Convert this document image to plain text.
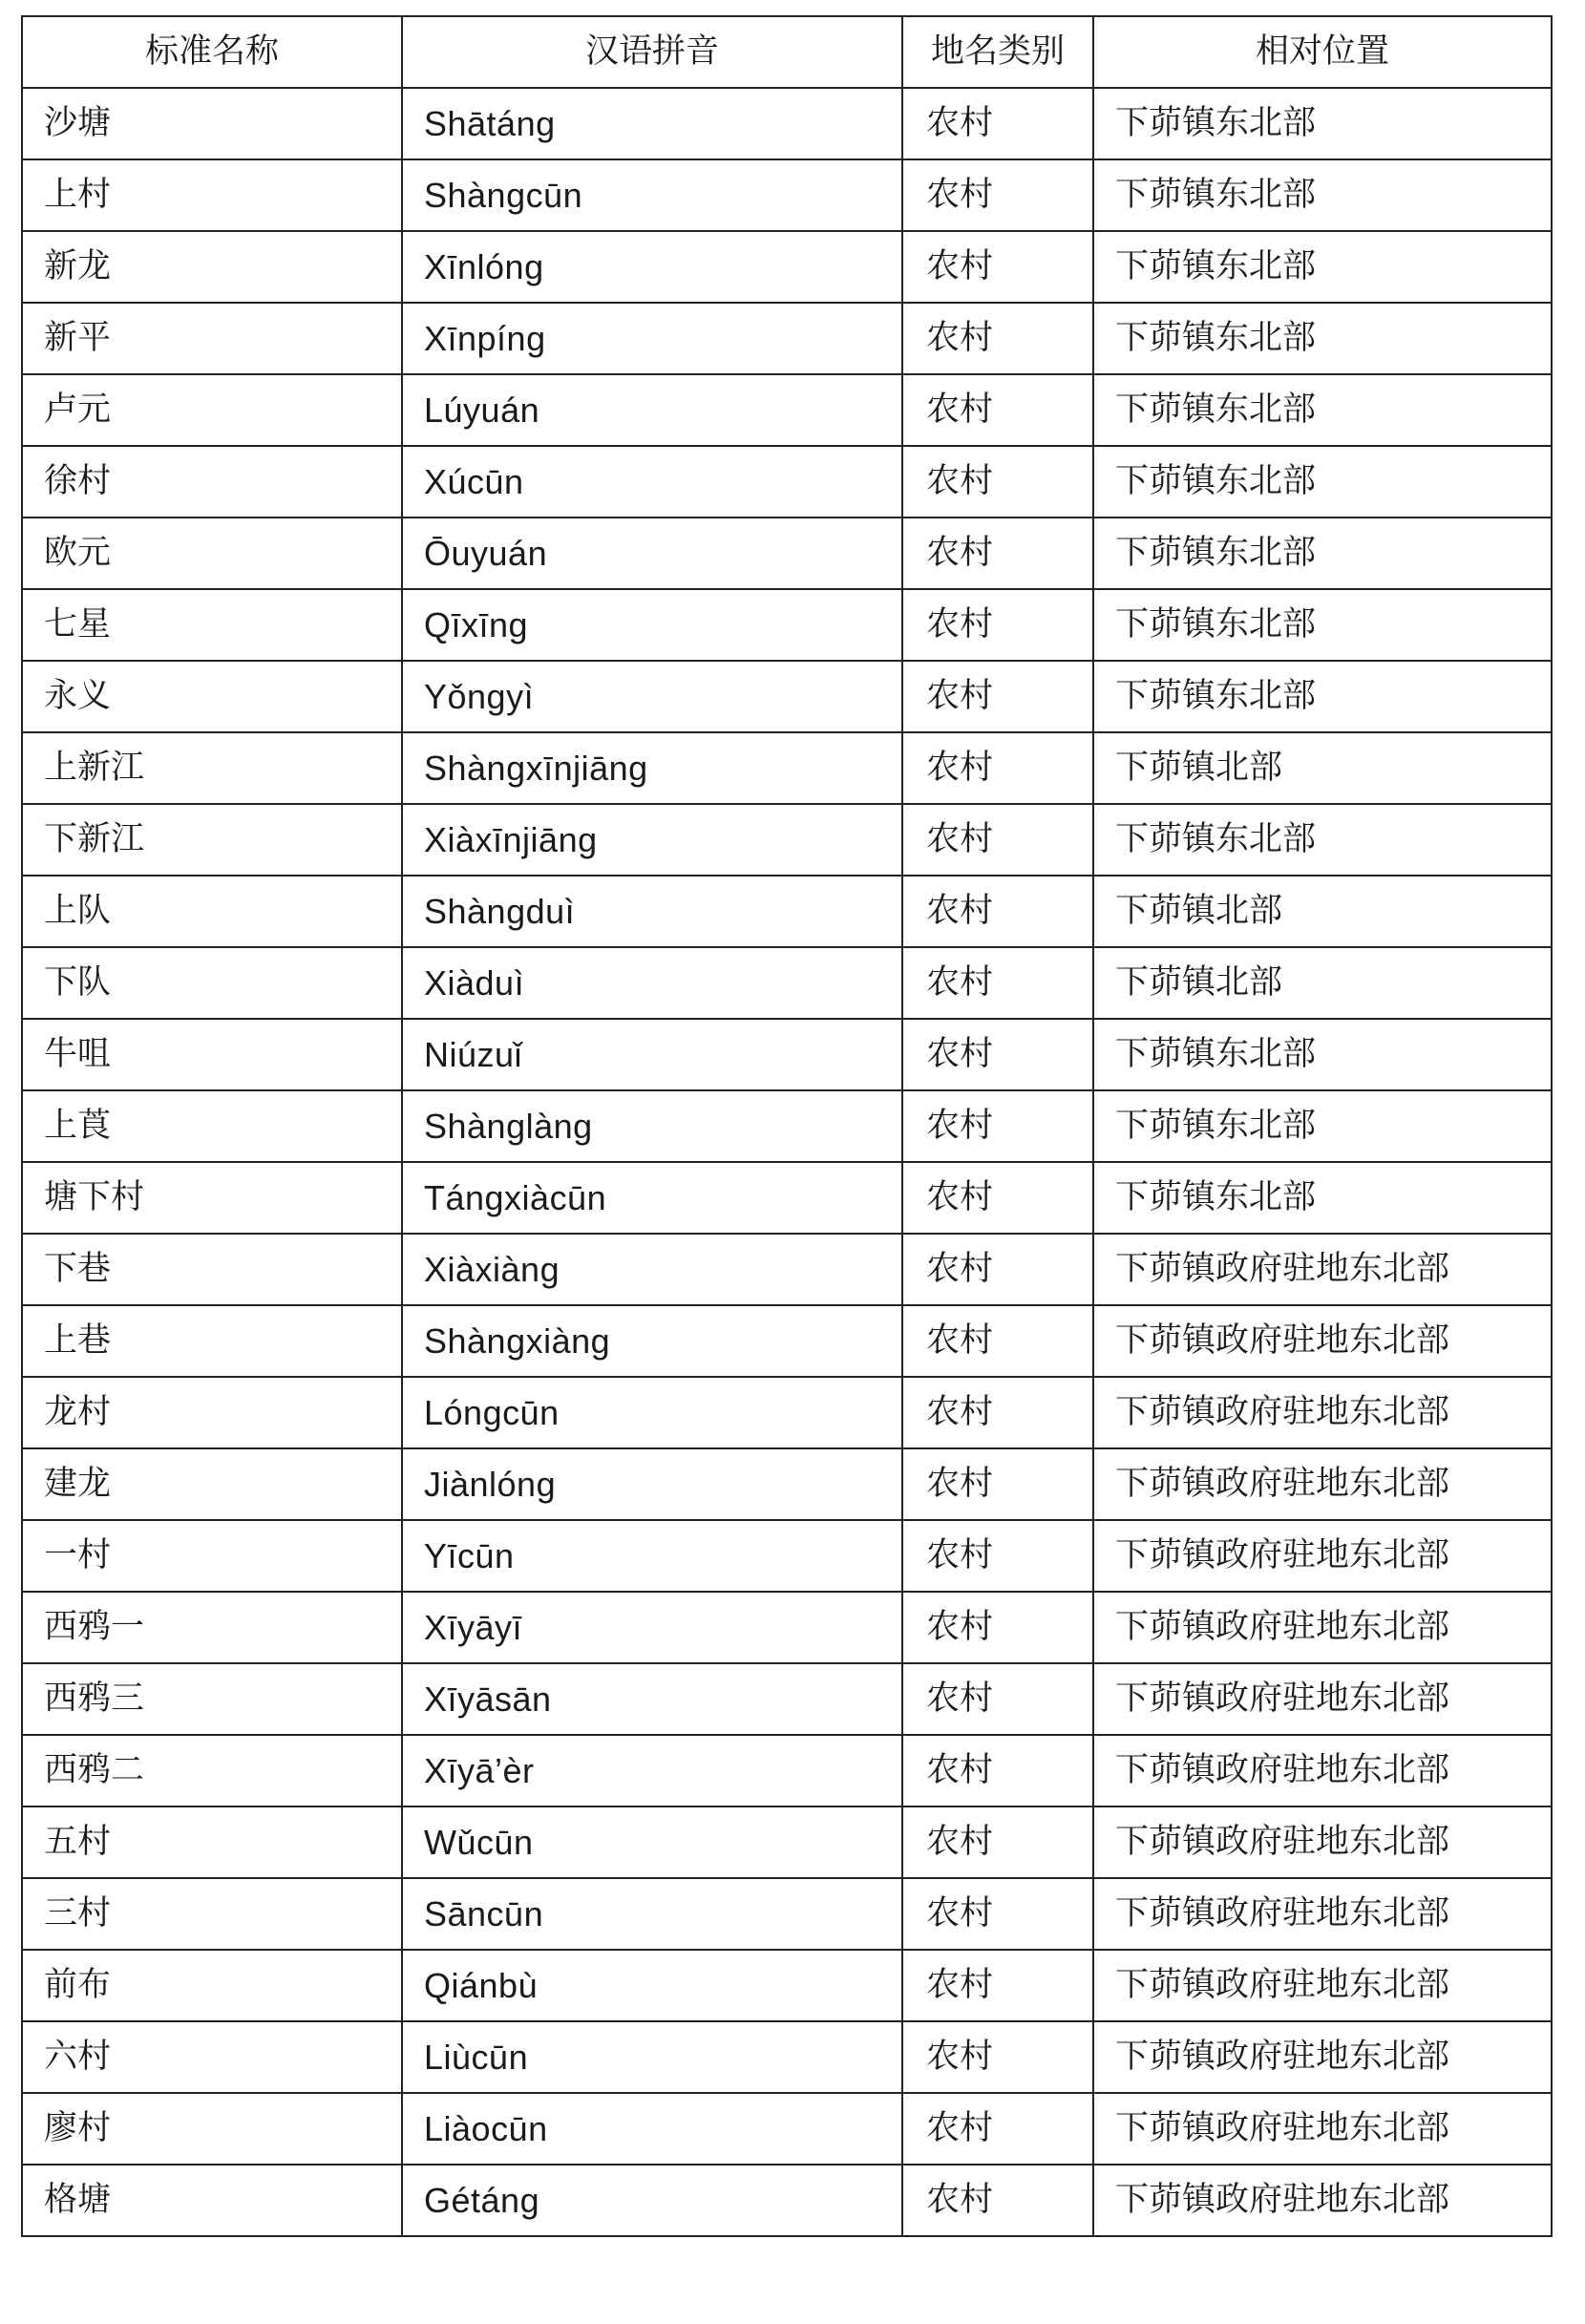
标准名称	汉语拼音	地名类别	相对位置
沙塘	Shātáng	农村	下茆镇东北部
上村	Shàngcūn	农村	下茆镇东北部
新龙	Xīnlóng	农村	下茆镇东北部
新平	Xīnpíng	农村	下茆镇东北部
卢元	Lúyuán	农村	下茆镇东北部
徐村	Xúcūn	农村	下茆镇东北部
欧元	Ōuyuán	农村	下茆镇东北部
七星	Qīxīng	农村	下茆镇东北部
永义	Yǒngyì	农村	下茆镇东北部
上新江	Shàngxīnjiāng	农村	下茆镇北部
下新江	Xiàxīnjiāng	农村	下茆镇东北部
上队	Shàngduì	农村	下茆镇北部
下队	Xiàduì	农村	下茆镇北部
牛咀	Niúzuǐ	农村	下茆镇东北部
上莨	Shànglàng	农村	下茆镇东北部
塘下村	Tángxiàcūn	农村	下茆镇东北部
下巷	Xiàxiàng	农村	下茆镇政府驻地东北部
上巷	Shàngxiàng	农村	下茆镇政府驻地东北部
龙村	Lóngcūn	农村	下茆镇政府驻地东北部
建龙	Jiànlóng	农村	下茆镇政府驻地东北部
一村	Yīcūn	农村	下茆镇政府驻地东北部
西鸦一	Xīyāyī	农村	下茆镇政府驻地东北部
西鸦三	Xīyāsān	农村	下茆镇政府驻地东北部
西鸦二	Xīyā’èr	农村	下茆镇政府驻地东北部
五村	Wǔcūn	农村	下茆镇政府驻地东北部
三村	Sāncūn	农村	下茆镇政府驻地东北部
前布	Qiánbù	农村	下茆镇政府驻地东北部
六村	Liùcūn	农村	下茆镇政府驻地东北部
廖村	Liàocūn	农村	下茆镇政府驻地东北部
格塘	Gétáng	农村	下茆镇政府驻地东北部
